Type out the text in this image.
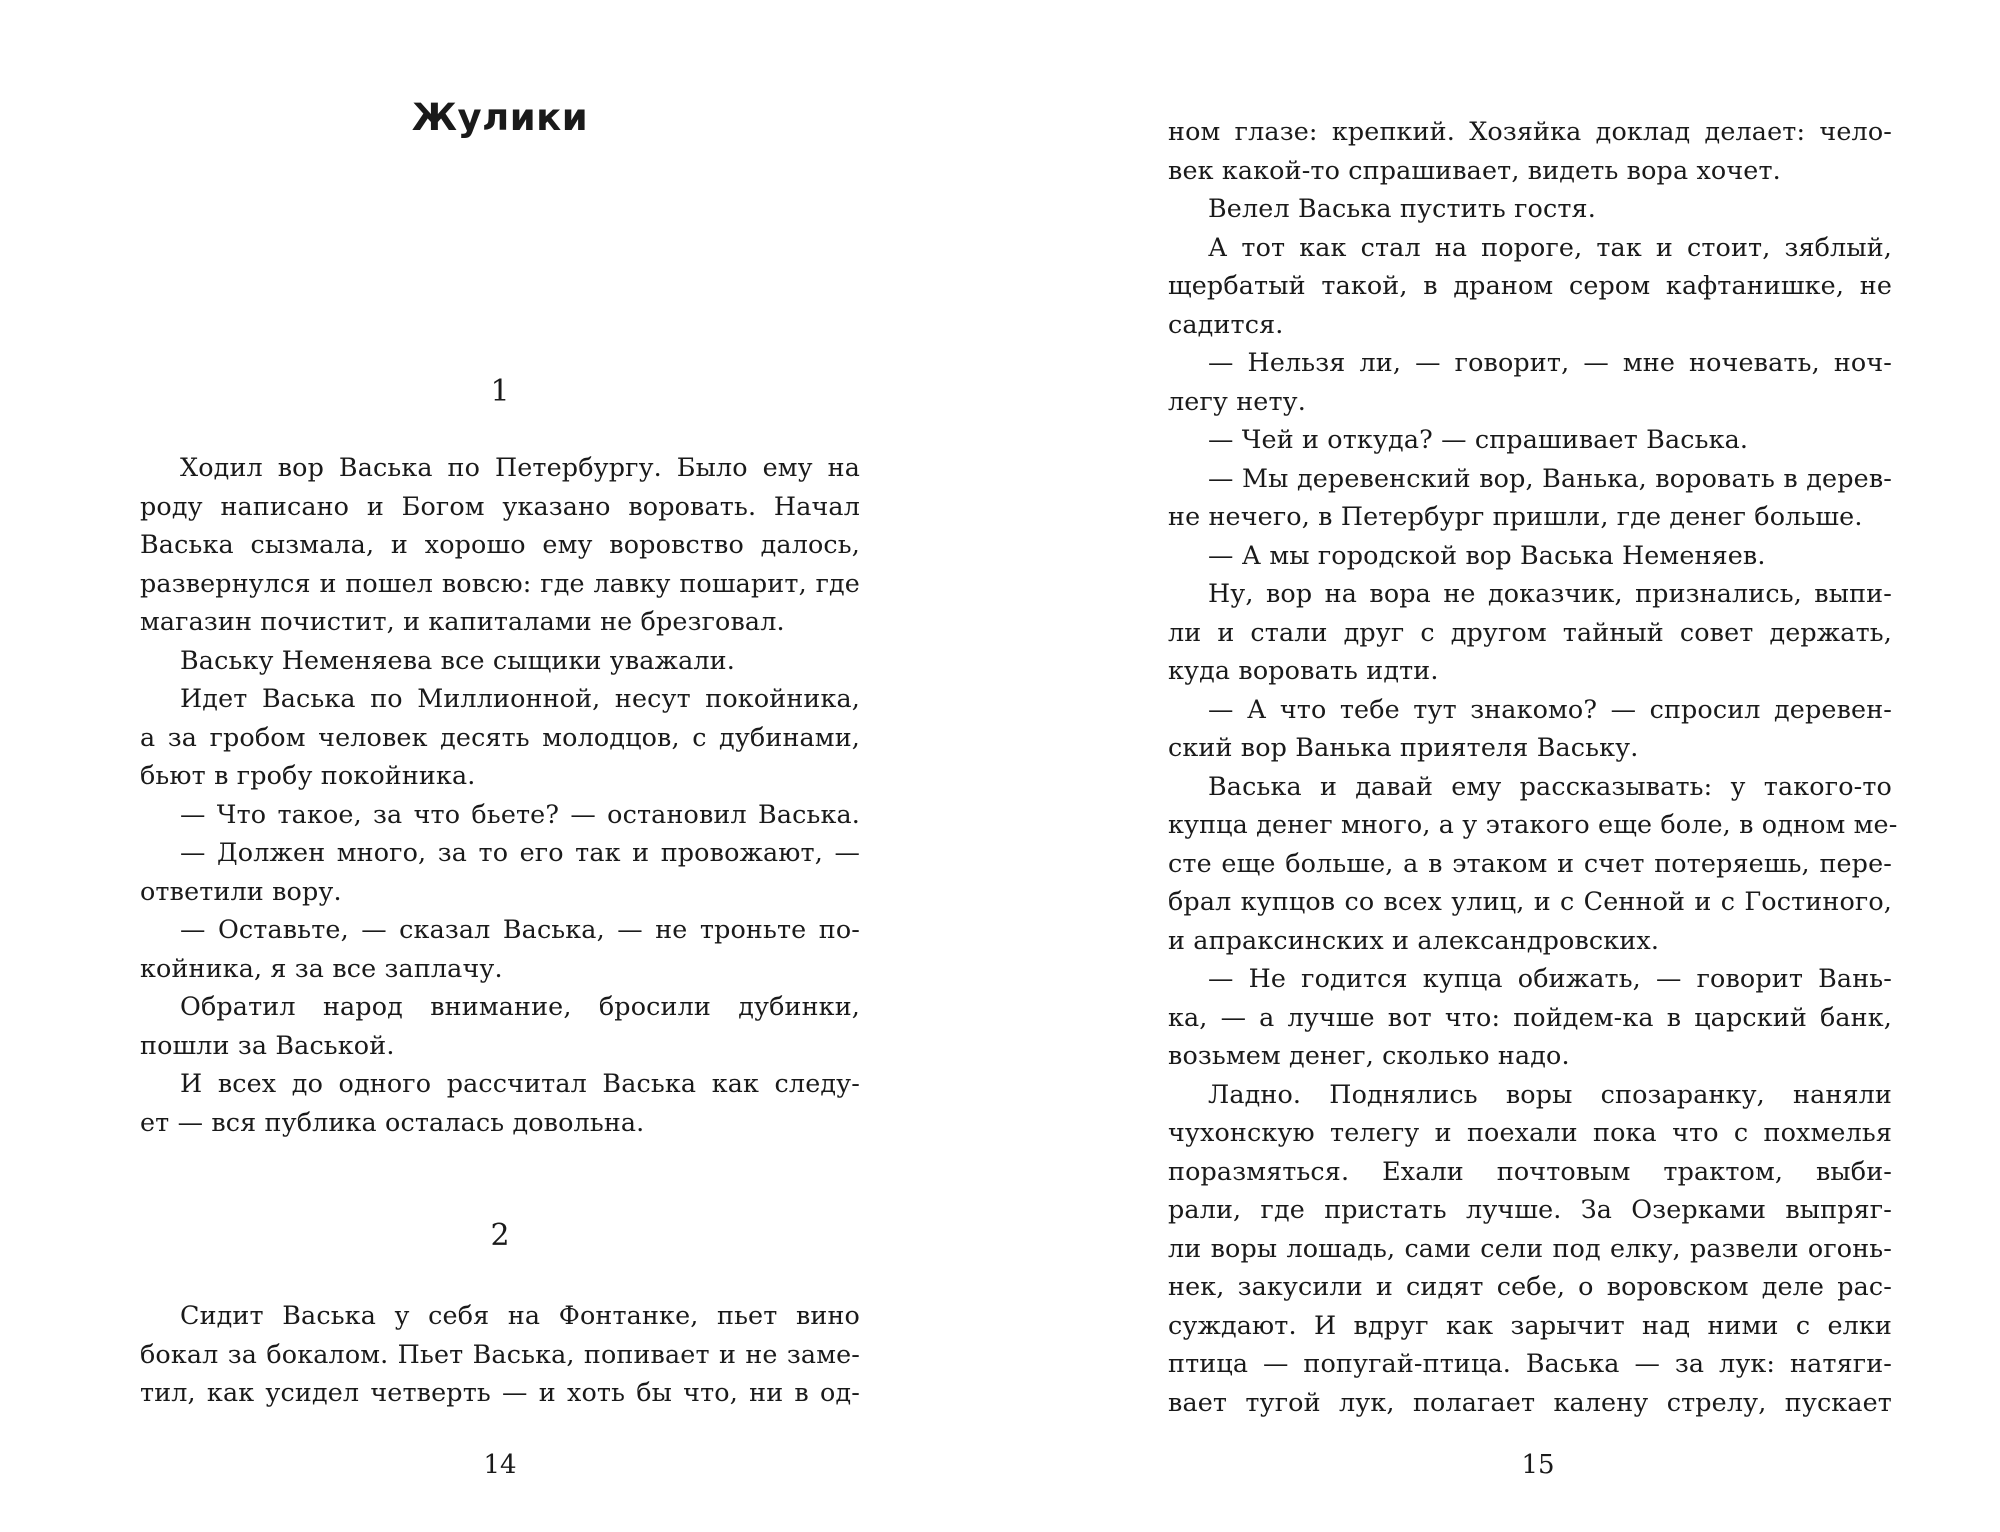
Жулики
1
Ходил вор Васька по Петербургу. Было ему на
роду написано и Богом указано воровать. Начал
Васька сызмала, и хорошо ему воровство далось,
развернулся и пошел вовсю: где лавку пошарит, где
магазин почистит, и капиталами не брезговал.
Ваську Неменяева все сыщики уважали.
Идет Васька по Миллионной, несут покойника,
а за гробом человек десять молодцов, с дубинами,
бьют в гробу покойника.
— Что такое, за что бьете? — остановил Васька.
— Должен много, за то его так и провожают, —
ответили вору.
— Оставьте, — сказал Васька, — не троньте по-
койника, я за все заплачу.
Обратил народ внимание, бросили дубинки,
пошли за Васькой.
И всех до одного рассчитал Васька как следу-
ет — вся публика осталась довольна.
2
Сидит Васька у себя на Фонтанке, пьет вино
бокал за бокалом. Пьет Васька, попивает и не заме-
тил, как усидел четверть — и хоть бы что, ни в од-
14
ном глазе: крепкий. Хозяйка доклад делает: чело-
век какой-то спрашивает, видеть вора хочет.
Велел Васька пустить гостя.
А тот как стал на пороге, так и стоит, зяблый,
щербатый такой, в драном сером кафтанишке, не
садится.
— Нельзя ли, — говорит, — мне ночевать, ноч-
легу нету.
— Чей и откуда? — спрашивает Васька.
— Мы деревенский вор, Ванька, воровать в дерев-
не нечего, в Петербург пришли, где денег больше.
— А мы городской вор Васька Неменяев.
Ну, вор на вора не доказчик, признались, выпи-
ли и стали друг с другом тайный совет держать,
куда воровать идти.
— А что тебе тут знакомо? — спросил деревен-
ский вор Ванька приятеля Ваську.
Васька и давай ему рассказывать: у такого-то
купца денег много, а у этакого еще боле, в одном ме-
сте еще больше, а в этаком и счет потеряешь, пере-
брал купцов со всех улиц, и с Сенной и с Гостиного,
и апраксинских и александровских.
— Не годится купца обижать, — говорит Вань-
ка, — а лучше вот что: пойдем-ка в царский банк,
возьмем денег, сколько надо.
Ладно. Поднялись воры спозаранку, наняли
чухонскую телегу и поехали пока что с похмелья
поразмяться. Ехали почтовым трактом, выби-
рали, где пристать лучше. За Озерками выпряг-
ли воры лошадь, сами сели под елку, развели огонь-
нек, закусили и сидят себе, о воровском деле рас-
суждают. И вдруг как зарычит над ними с елки
птица — попугай-птица. Васька — за лук: натяги-
вает тугой лук, полагает калену стрелу, пускает
15
